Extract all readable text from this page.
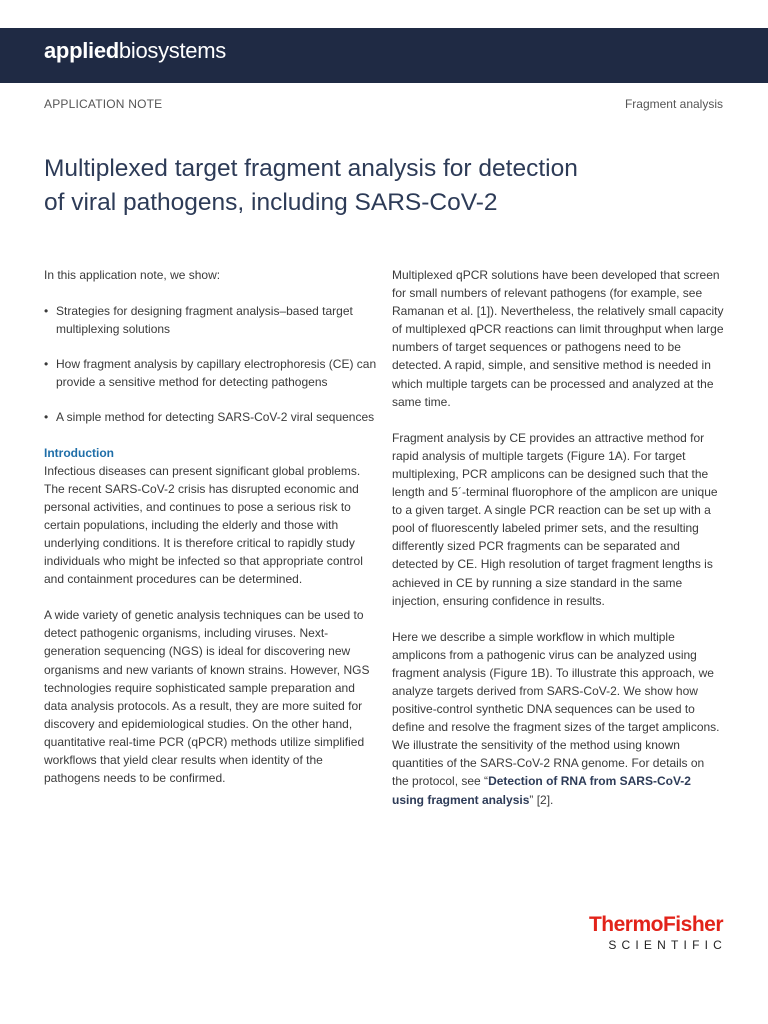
appliedbiosystems
APPLICATION NOTE	Fragment analysis
Multiplexed target fragment analysis for detection
of viral pathogens, including SARS-CoV-2

In this application note, we show:

• Strategies for designing fragment analysis–based target multiplexing solutions
• How fragment analysis by capillary electrophoresis (CE) can provide a sensitive method for detecting pathogens
• A simple method for detecting SARS-CoV-2 viral sequences
Introduction

Infectious diseases can present significant global problems. The recent SARS-CoV-2 crisis has disrupted economic and personal activities, and continues to pose a serious risk to certain populations, including the elderly and those with underlying conditions. It is therefore critical to rapidly study individuals who might be infected so that appropriate control and containment procedures can be determined.

A wide variety of genetic analysis techniques can be used to detect pathogenic organisms, including viruses. Next-generation sequencing (NGS) is ideal for discovering new organisms and new variants of known strains. However, NGS technologies require sophisticated sample preparation and data analysis protocols. As a result, they are more suited for discovery and epidemiological studies. On the other hand, quantitative real-time PCR (qPCR) methods utilize simplified workflows that yield clear results when identity of the pathogens needs to be confirmed.

Multiplexed qPCR solutions have been developed that screen for small numbers of relevant pathogens (for example, see Ramanan et al. [1]). Nevertheless, the relatively small capacity of multiplexed qPCR reactions can limit throughput when large numbers of target sequences or pathogens need to be detected. A rapid, simple, and sensitive method is needed in which multiple targets can be processed and analyzed at the same time.

Fragment analysis by CE provides an attractive method for rapid analysis of multiple targets (Figure 1A). For target multiplexing, PCR amplicons can be designed such that the length and 5´-terminal fluorophore of the amplicon are unique to a given target. A single PCR reaction can be set up with a pool of fluorescently labeled primer sets, and the resulting differently sized PCR fragments can be separated and detected by CE. High resolution of target fragment lengths is achieved in CE by running a size standard in the same injection, ensuring confidence in results.

Here we describe a simple workflow in which multiple amplicons from a pathogenic virus can be analyzed using fragment analysis (Figure 1B). To illustrate this approach, we analyze targets derived from SARS-CoV-2. We show how positive-control synthetic DNA sequences can be used to define and resolve the fragment sizes of the target amplicons. We illustrate the sensitivity of the method using known quantities of the SARS-CoV-2 RNA genome. For details on the protocol, see “Detection of RNA from SARS-CoV-2 using fragment analysis” [2].

ThermoFisher
SCIENTIFIC
